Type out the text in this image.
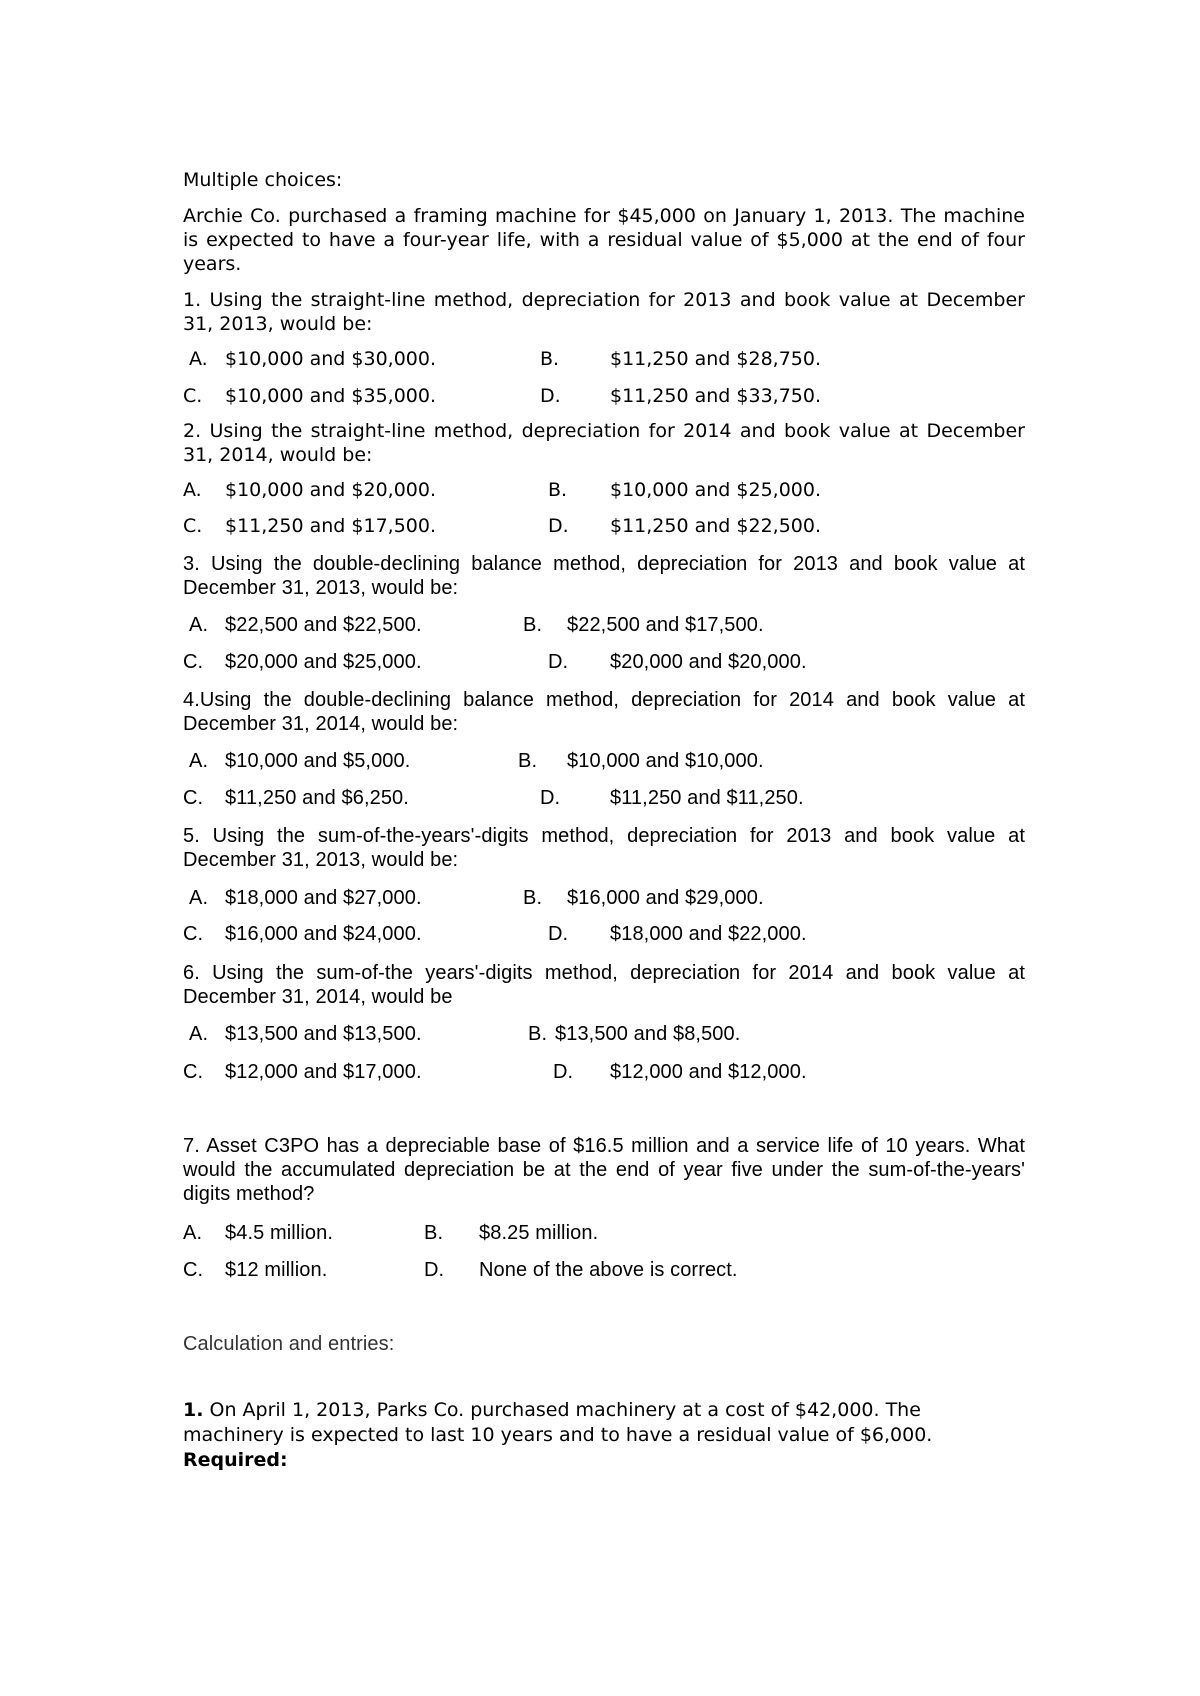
Multiple choices:
Archie Co. purchased a framing machine for $45,000 on January 1, 2013. The machine is expected to have a four-year life, with a residual value of $5,000 at the end of four years.
1. Using the straight-line method, depreciation for 2013 and book value at December 31, 2013, would be:
A. $10,000 and $30,000.	B.	$11,250 and $28,750.
C. $10,000 and $35,000.	D.	$11,250 and $33,750.
2. Using the straight-line method, depreciation for 2014 and book value at December 31, 2014, would be:
A. $10,000 and $20,000.	B. $10,000 and $25,000.
C. $11,250 and $17,500.	D. $11,250 and $22,500.
3. Using the double-declining balance method, depreciation for 2013 and book value at December 31, 2013, would be:
A. $22,500 and $22,500.	B. $22,500 and $17,500.
C. $20,000 and $25,000.	D. $20,000 and $20,000.
4.Using the double-declining balance method, depreciation for 2014 and book value at December 31, 2014, would be:
A. $10,000 and $5,000.	B. $10,000 and $10,000.
C. $11,250 and $6,250.	D. $11,250 and $11,250.
5. Using the sum-of-the-years'-digits method, depreciation for 2013 and book value at December 31, 2013, would be:
A. $18,000 and $27,000.	B. $16,000 and $29,000.
C. $16,000 and $24,000.	D. $18,000 and $22,000.
6. Using the sum-of-the years'-digits method, depreciation for 2014 and book value at December 31, 2014, would be
A. $13,500 and $13,500.	B. $13,500 and $8,500.
C. $12,000 and $17,000.	D. $12,000 and $12,000.
7. Asset C3PO has a depreciable base of $16.5 million and a service life of 10 years. What would the accumulated depreciation be at the end of year five under the sum-of-the-years' digits method?
A. $4.5 million.	B. $8.25 million.
C. $12 million.	D. None of the above is correct.
Calculation and entries:
1. On April 1, 2013, Parks Co. purchased machinery at a cost of $42,000. The machinery is expected to last 10 years and to have a residual value of $6,000.
Required:
